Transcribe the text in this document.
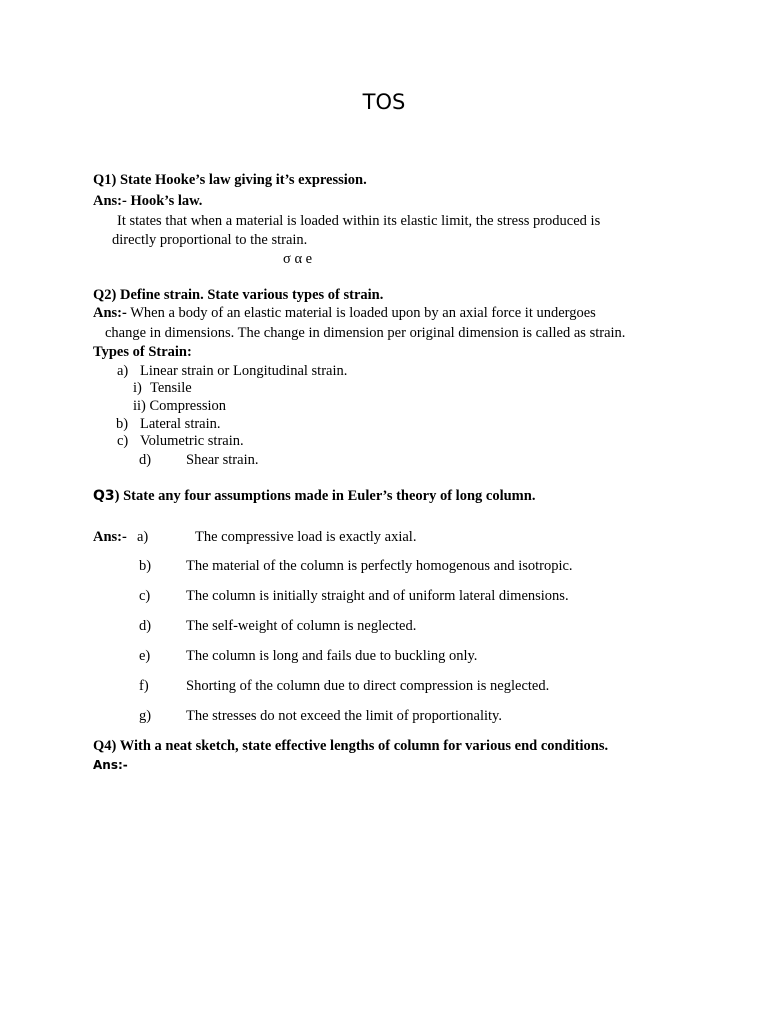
TOS
Q1) State Hooke’s law giving it’s expression.
Ans:- Hook’s law.
It states that when a material is loaded within its elastic limit, the stress produced is
directly proportional to the strain.
σ α e
Q2) Define strain. State various types of strain.
Ans:- When a body of an elastic material is loaded upon by an axial force it undergoes
change in dimensions. The change in dimension per original dimension is called as strain.
Types of Strain:
a) Linear strain or Longitudinal strain.
i) Tensile
ii) Compression
b) Lateral strain.
c) Volumetric strain.
d) Shear strain.
Q3) State any four assumptions made in Euler’s theory of long column.
Ans:- a)	The compressive load is exactly axial.
b) The material of the column is perfectly homogenous and isotropic.
c) The column is initially straight and of uniform lateral dimensions.
d) The self-weight of column is neglected.
e) The column is long and fails due to buckling only.
f)	Shorting of the column due to direct compression is neglected.
g) The stresses do not exceed the limit of proportionality.
Q4) With a neat sketch, state effective lengths of column for various end conditions.
Ans:-
